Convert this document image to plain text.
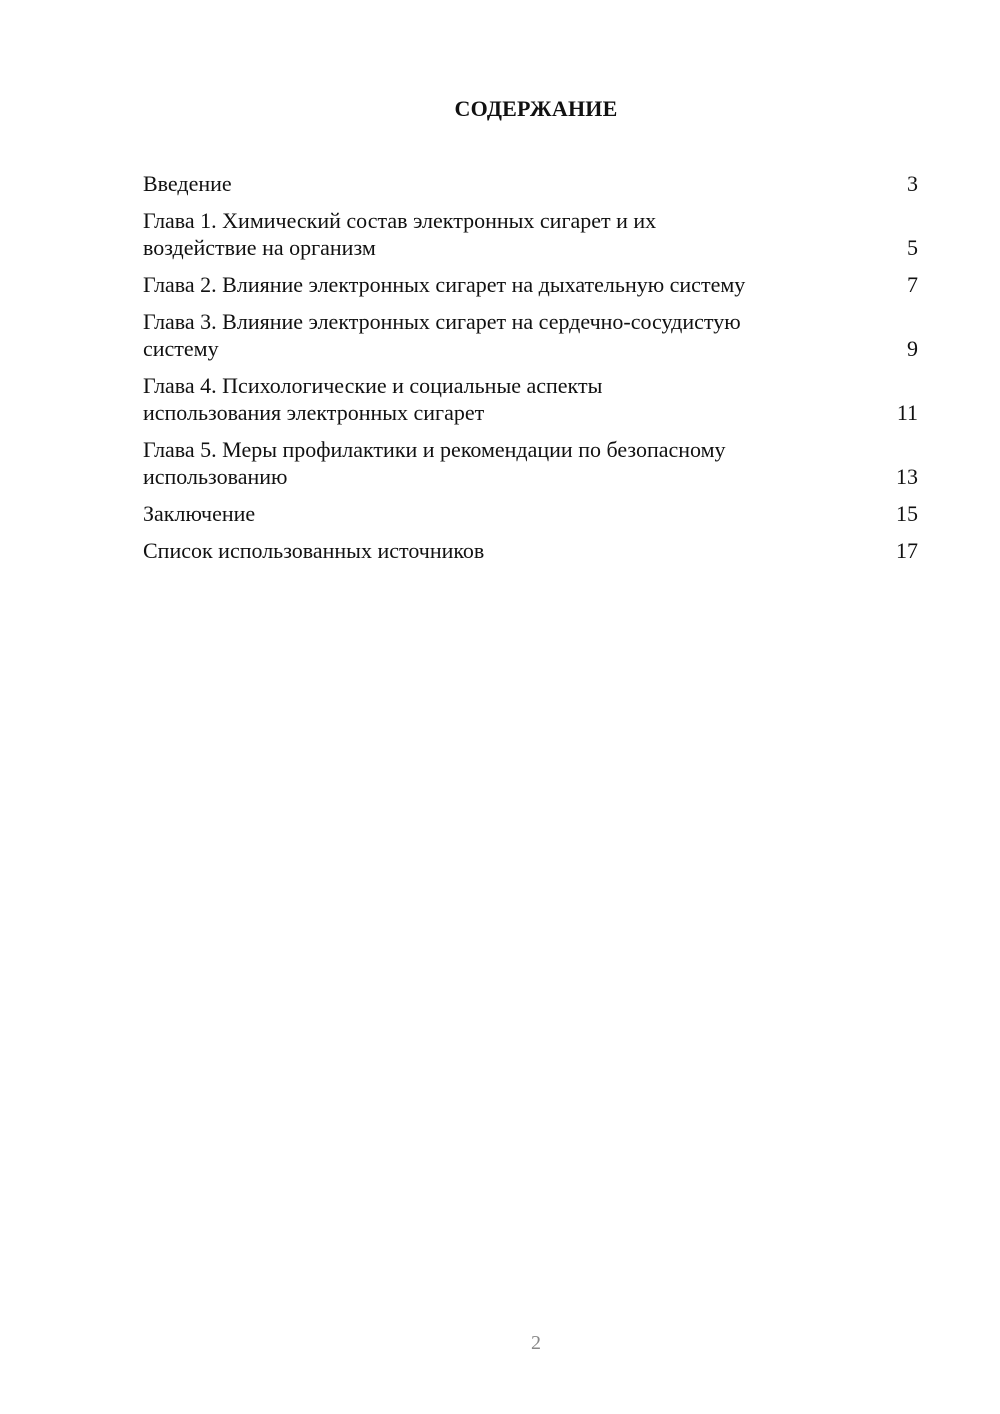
СОДЕРЖАНИЕ
Введение	3
Глава 1. Химический состав электронных сигарет и их
воздействие на организм	5
Глава 2. Влияние электронных сигарет на дыхательную систему	7
Глава 3. Влияние электронных сигарет на сердечно-сосудистую
систему	9
Глава 4. Психологические и социальные аспекты
использования электронных сигарет	11
Глава 5. Меры профилактики и рекомендации по безопасному
использованию	13
Заключение	15
Список использованных источников	17
2
